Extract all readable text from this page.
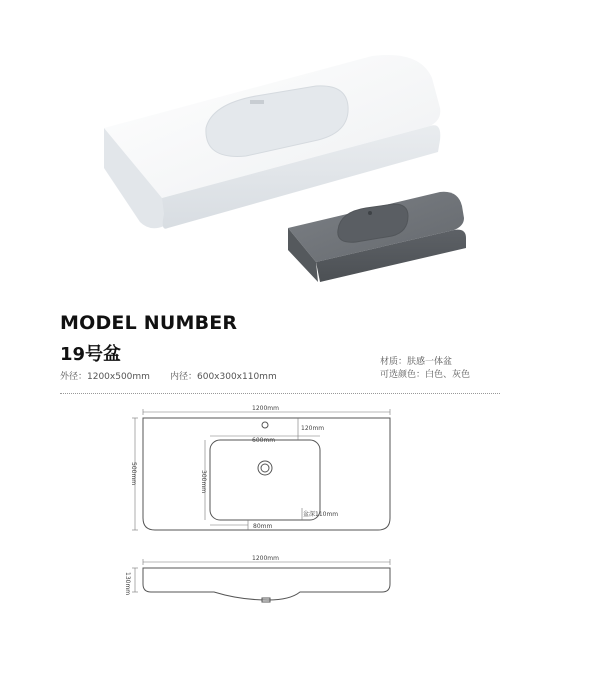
MODEL NUMBER
19号盆
外径：1200x500mm 内径：600x300x110mm
材质：肤感一体盆
可选颜色：白色、灰色
1200mm
120mm
600mm
500mm	300mm
80mm
盆深110mm
1200mm
130mm
